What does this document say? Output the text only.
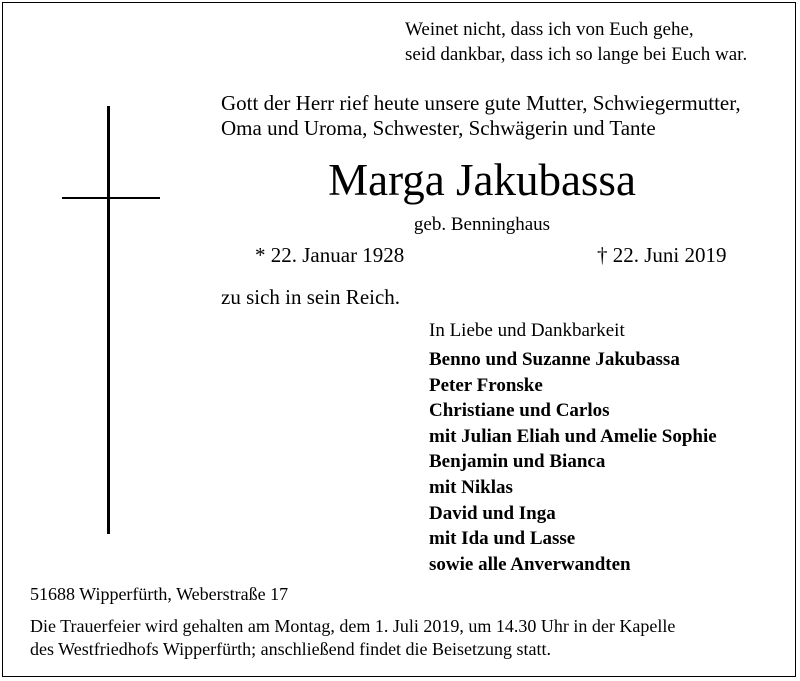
Weinet nicht, dass ich von Euch gehe,
seid dankbar, dass ich so lange bei Euch war.
Gott der Herr rief heute unsere gute Mutter, Schwiegermutter,
Oma und Uroma, Schwester, Schwägerin und Tante
Marga Jakubassa
geb. Benninghaus
* 22. Januar 1928	† 22. Juni 2019
zu sich in sein Reich.
In Liebe und Dankbarkeit
Benno und Suzanne Jakubassa
Peter Fronske
Christiane und Carlos
mit Julian Eliah und Amelie Sophie
Benjamin und Bianca
mit Niklas
David und Inga
mit Ida und Lasse
sowie alle Anverwandten
51688 Wipperfürth, Weberstraße 17
Die Trauerfeier wird gehalten am Montag, dem 1. Juli 2019, um 14.30 Uhr in der Kapelle
des Westfriedhofs Wipperfürth; anschließend findet die Beisetzung statt.
